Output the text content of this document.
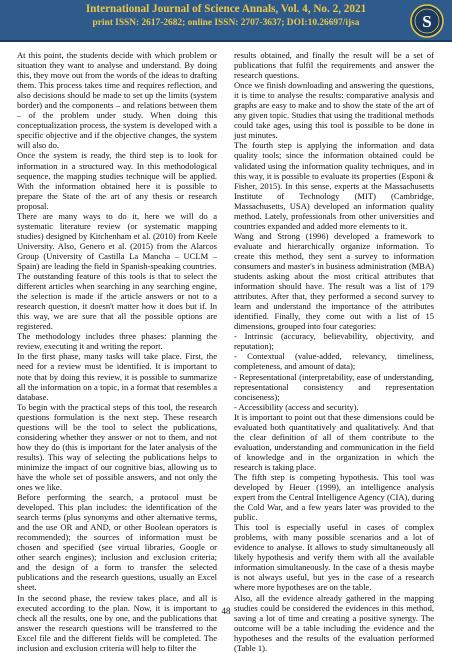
International Journal of Science Annals, Vol. 4, No. 2, 2021
print ISSN: 2617-2682; online ISSN: 2707-3637; DOI:10.26697/ijsa	S

At this point, the students decide with which problem or situation they want to analyse and understand. By doing this, they move out from the words of the ideas to drafting them. This process takes time and requires reflection, and also decisions should be made to set up the limits (system border) and the components – and relations between them – of the problem under study. When doing this conceptualization process, the system is developed with a specific objective and if the objective changes, the system will also do.

Once the system is ready, the third step is to look for information in a structured way. In this methodological sequence, the mapping studies technique will be applied. With the information obtained here it is possible to prepare the State of the art of any thesis or research proposal.

There are many ways to do it, here we will do a systematic literature review (or systematic mapping studies) designed by Kitchenham et al. (2010) from Keele University. Also, Genero et al. (2015) from the Alarcos Group (University of Castilla La Mancha – UCLM – Spain) are leading the field in Spanish-speaking countries.

The outstanding feature of this tools is that to select the different articles when searching in any searching engine, the selection is made if the article answers or not to a research question, it doesn't matter how it does but if. In this way, we are sure that all the possible options are registered.

The methodology includes three phases: planning the review, executing it and writing the report.

In the first phase, many tasks will take place. First, the need for a review must be identified. It is important to note that by doing this review, it is possible to summarize all the information on a topic, in a format that resembles a database.

To begin with the practical steps of this tool, the research questions formulation is the next step. These research questions will be the tool to select the publications, considering whether they answer or not to them, and not how they do (this is important for the later analysis of the results). This way of selecting the publications helps to minimize the impact of our cognitive bias, allowing us to have the whole set of possible answers, and not only the ones we like.

Before performing the search, a protocol must be developed. This plan includes: the identification of the search terms (plus synonyms and other alternative terms, and the use OR and AND, or other Boolean operators is recommended); the sources of information must be chosen and specified (see virtual libraries, Google or other search engines); inclusion and exclusion criteria; and the design of a form to transfer the selected publications and the research questions, usually an Excel sheet.

In the second phase, the review takes place, and all is executed according to the plan. Now, it is important to check all the results, one by one, and the publications that answer the research questions will be transferred to the Excel file and the different fields will be completed. The inclusion and exclusion criteria will help to filter the

results obtained, and finally the result will be a set of publications that fulfil the requirements and answer the research questions.

Once we finish downloading and answering the questions, it is time to analyse the results: comparative analysis and graphs are easy to make and to show the state of the art of any given topic. Studies that using the traditional methods could take ages, using this tool is possible to be done in just minutes.

The fourth step is applying the information and data quality tools; since the information obtained could be validated using the information quality techniques, and in this way, it is possible to evaluate its properties (Esponi & Fisher, 2015). In this sense, experts at the Massachusetts Institute of Technology (MIT) (Cambridge, Massachusetts, USA) developed an information quality method. Lately, professionals from other universities and countries expanded and added more elements to it.

Wang and Strong (1996) developed a framework to evaluate and hierarchically organize information. To create this method, they sent a survey to information consumers and master's in business administration (MBA) students asking about the most critical attributes that information should have. The result was a list of 179 attributes. After that, they performed a second survey to learn and understand the importance of the attributes identified. Finally, they come out with a list of 15 dimensions, grouped into four categories:

- Intrinsic (accuracy, believability, objectivity, and reputation);

- Contextual (value-added, relevancy, timeliness, completeness, and amount of data);

- Representational (interpretability, ease of understanding, representational consistency and representation conciseness);

- Accessibility (access and security).

It is important to point out that these dimensions could be evaluated both quantitatively and qualitatively. And that the clear definition of all of them contribute to the evaluation, understanding and communication in the field of knowledge and in the organization in which the research is taking place.

The fifth step is competing hypothesis. This tool was developed by Heuer (1999), an intelligence analysis expert from the Central Intelligence Agency (CIA), during the Cold War, and a few years later was provided to the public.

This tool is especially useful in cases of complex problems, with many possible scenarios and a lot of evidence to analyse. It allows to study simultaneously all likely hypothesis and verify them with all the available information simultaneously. In the case of a thesis maybe is not always useful, but yes in the case of a research where more hypotheses are on the table.

Also, all the evidence already gathered in the mapping studies could be considered the evidences in this method, saving a lot of time and creating a positive synergy. The outcome will be a table including the evidence and the hypotheses and the results of the evaluation performed (Table 1).

48
